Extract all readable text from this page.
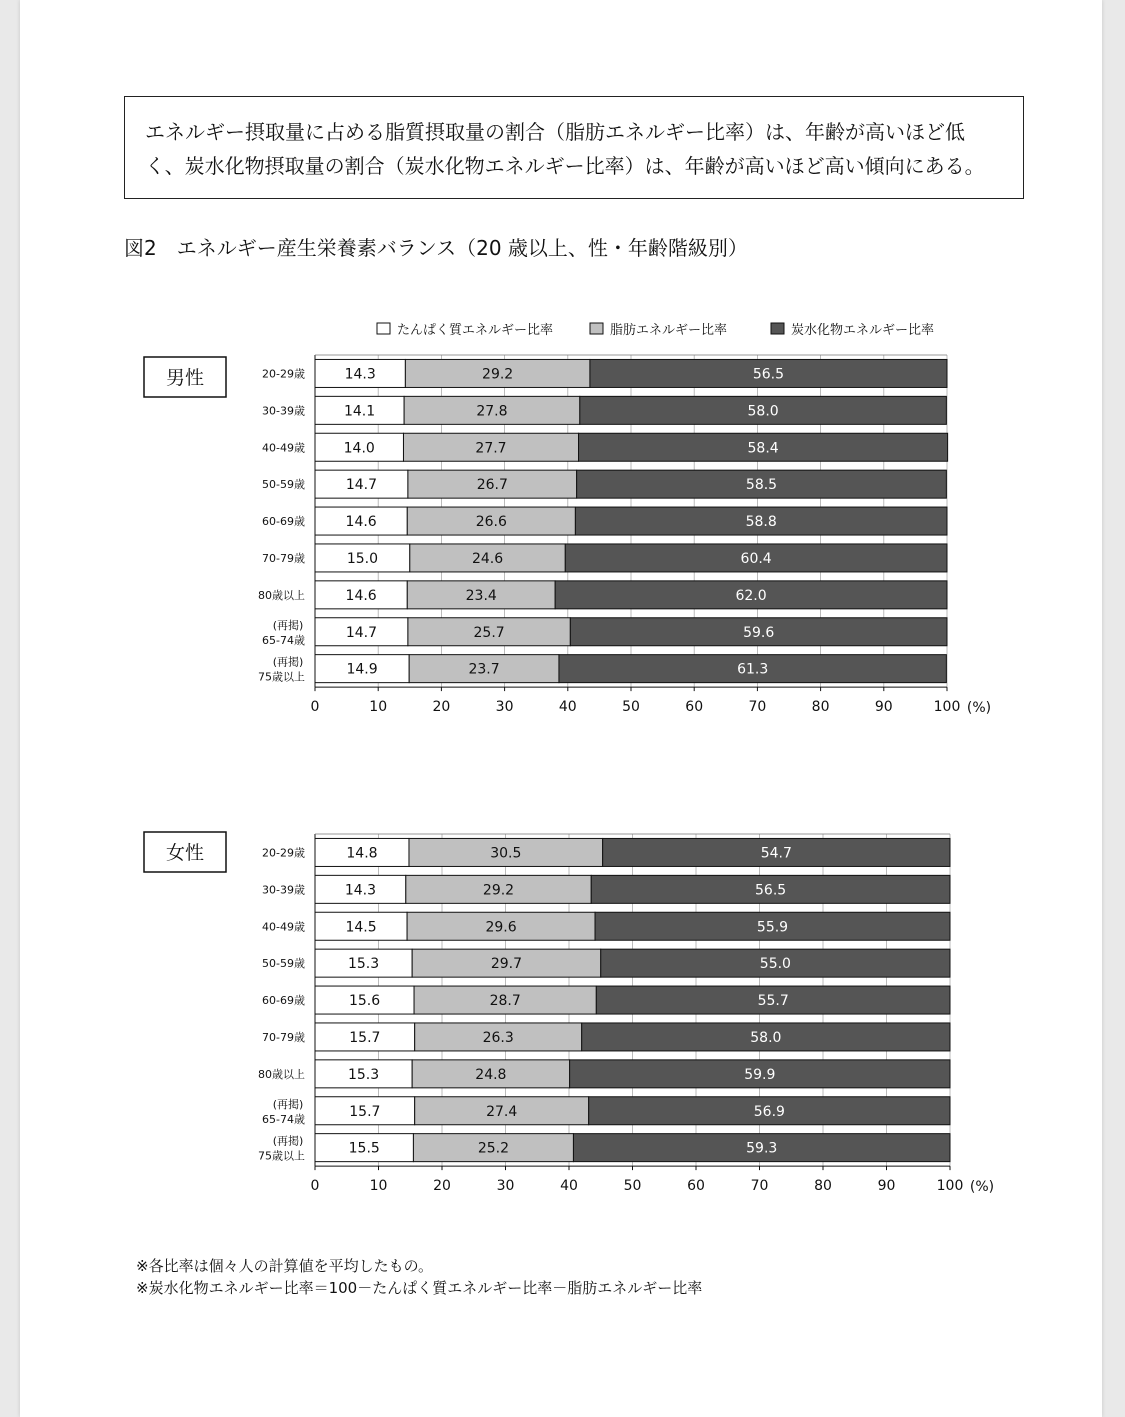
エネルギー摂取量に占める脂質摂取量の割合（脂肪エネルギー比率）は、年齢が高いほど低
く、炭水化物摂取量の割合（炭水化物エネルギー比率）は、年齢が高いほど高い傾向にある。
図2　エネルギー産生栄養素バランス（20 歳以上、性・年齢階級別）
たんぱく質エネルギー比率	脂肪エネルギー比率	炭水化物エネルギー比率
男性
0	10	20	30	40	50	60	70	80	90	100 (%)
20-29歳	14.3	29.2	56.5
30-39歳	14.1	27.8	58.0
40-49歳	14.0	27.7	58.4
50-59歳	14.7	26.7	58.5
60-69歳	14.6	26.6	58.8
70-79歳	15.0	24.6	60.4
80歳以上	14.6	23.4	62.0
(再掲)
65-74歳	14.7	25.7	59.6
(再掲)
75歳以上	14.9	23.7	61.3
女性
0	10	20	30	40	50	60	70	80	90	100 (%)
20-29歳	14.8	30.5	54.7
30-39歳	14.3	29.2	56.5
40-49歳	14.5	29.6	55.9
50-59歳	15.3	29.7	55.0
60-69歳	15.6	28.7	55.7
70-79歳	15.7	26.3	58.0
80歳以上	15.3	24.8	59.9
(再掲)
65-74歳	15.7	27.4	56.9
(再掲)
75歳以上	15.5	25.2	59.3
※各比率は個々人の計算値を平均したもの。
※炭水化物エネルギー比率＝100－たんぱく質エネルギー比率－脂肪エネルギー比率
